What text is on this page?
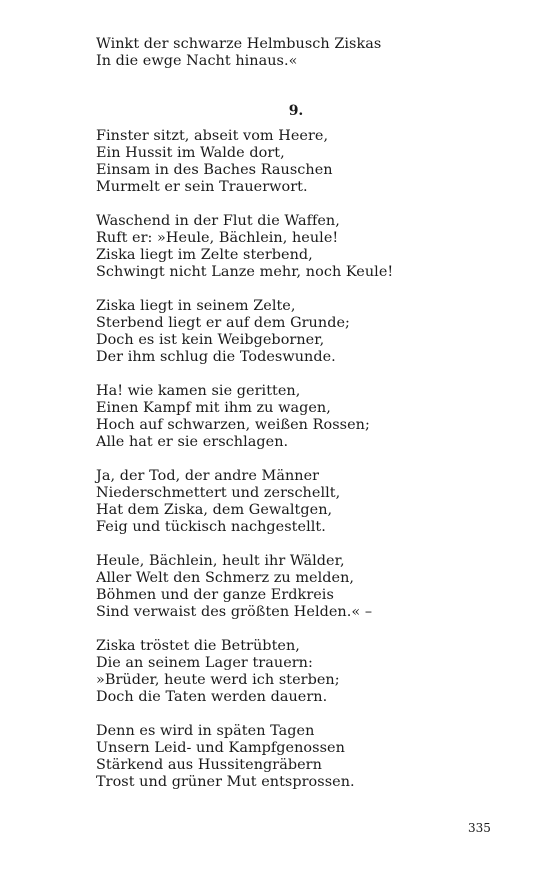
Winkt der schwarze Helmbusch Ziskas
In die ewge Nacht hinaus.«
9.
Finster sitzt, abseit vom Heere,
Ein Hussit im Walde dort,
Einsam in des Baches Rauschen
Murmelt er sein Trauerwort.
Waschend in der Flut die Waffen,
Ruft er: »Heule, Bächlein, heule!
Ziska liegt im Zelte sterbend,
Schwingt nicht Lanze mehr, noch Keule!
Ziska liegt in seinem Zelte,
Sterbend liegt er auf dem Grunde;
Doch es ist kein Weibgeborner,
Der ihm schlug die Todeswunde.
Ha! wie kamen sie geritten,
Einen Kampf mit ihm zu wagen,
Hoch auf schwarzen, weißen Rossen;
Alle hat er sie erschlagen.
Ja, der Tod, der andre Männer
Niederschmettert und zerschellt,
Hat dem Ziska, dem Gewaltgen,
Feig und tückisch nachgestellt.
Heule, Bächlein, heult ihr Wälder,
Aller Welt den Schmerz zu melden,
Böhmen und der ganze Erdkreis
Sind verwaist des größten Helden.« –
Ziska tröstet die Betrübten,
Die an seinem Lager trauern:
»Brüder, heute werd ich sterben;
Doch die Taten werden dauern.
Denn es wird in späten Tagen
Unsern Leid- und Kampfgenossen
Stärkend aus Hussitengräbern
Trost und grüner Mut entsprossen.
335
